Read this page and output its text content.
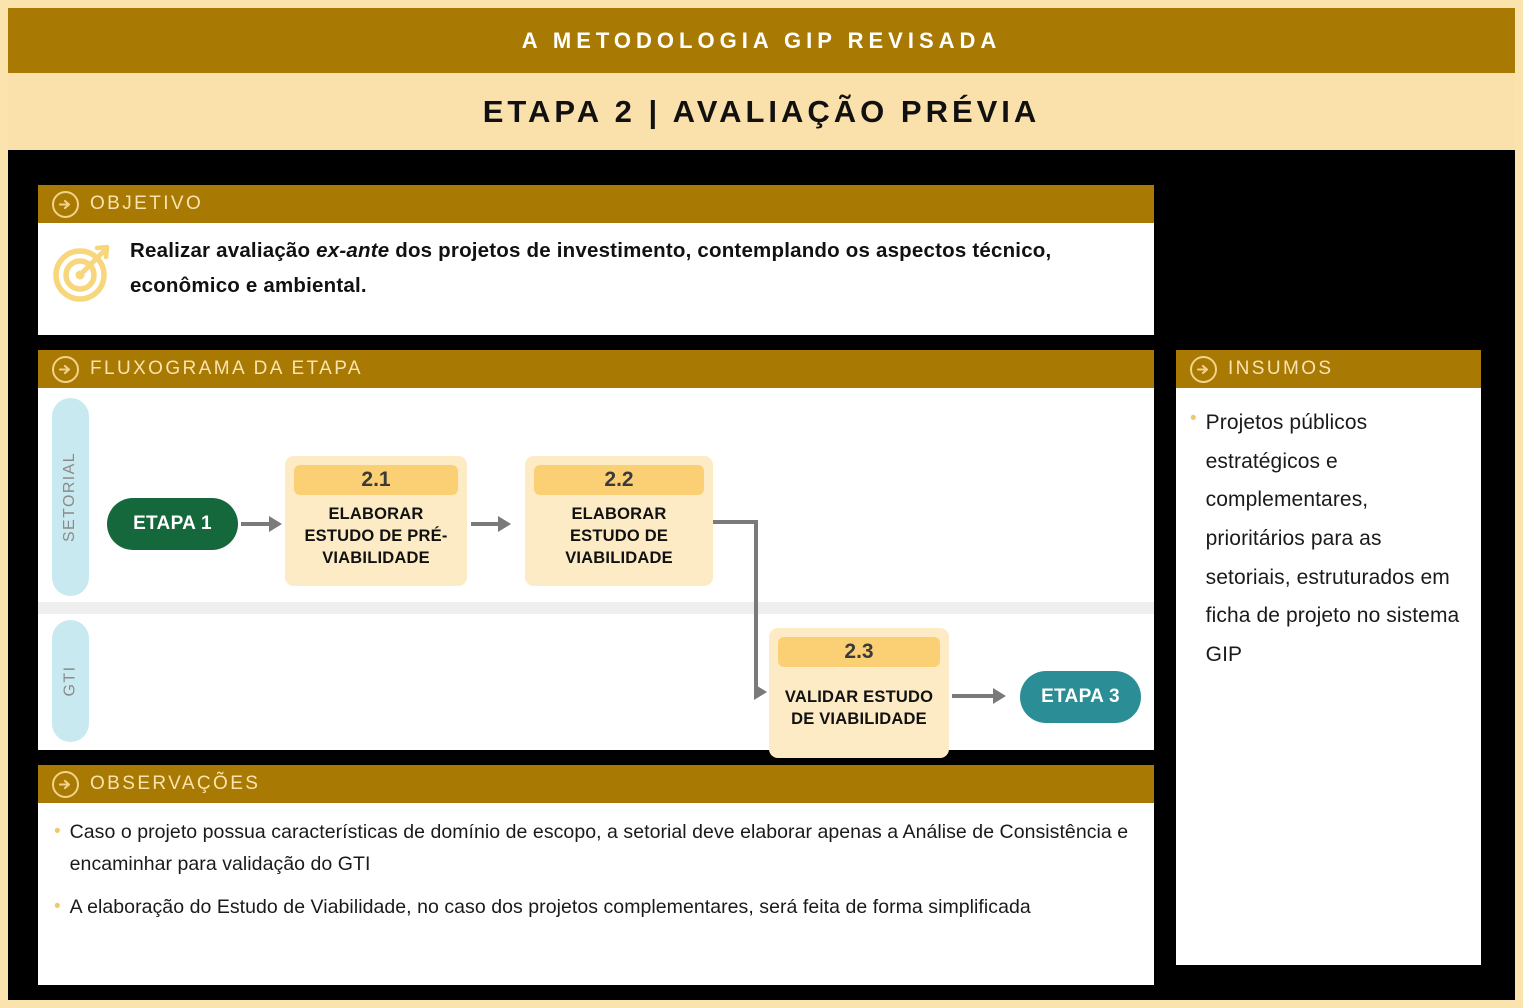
A METODOLOGIA GIP REVISADA
ETAPA 2 | AVALIAÇÃO PRÉVIA
OBJETIVO
Realizar avaliação ex-ante dos projetos de investimento, contemplando os aspectos técnico, econômico e ambiental.
FLUXOGRAMA DA ETAPA
SETORIAL
GTI
ETAPA 1
2.1
ELABORAR ESTUDO DE PRÉ-VIABILIDADE
2.2
ELABORAR ESTUDO DE VIABILIDADE
2.3
VALIDAR ESTUDO DE VIABILIDADE
ETAPA 3
INSUMOS
• Projetos públicos estratégicos e complementares, prioritários para as setoriais, estruturados em ficha de projeto no sistema GIP
OBSERVAÇÕES
• Caso o projeto possua características de domínio de escopo, a setorial deve elaborar apenas a Análise de Consistência e encaminhar para validação do GTI
• A elaboração do Estudo de Viabilidade, no caso dos projetos complementares, será feita de forma simplificada
